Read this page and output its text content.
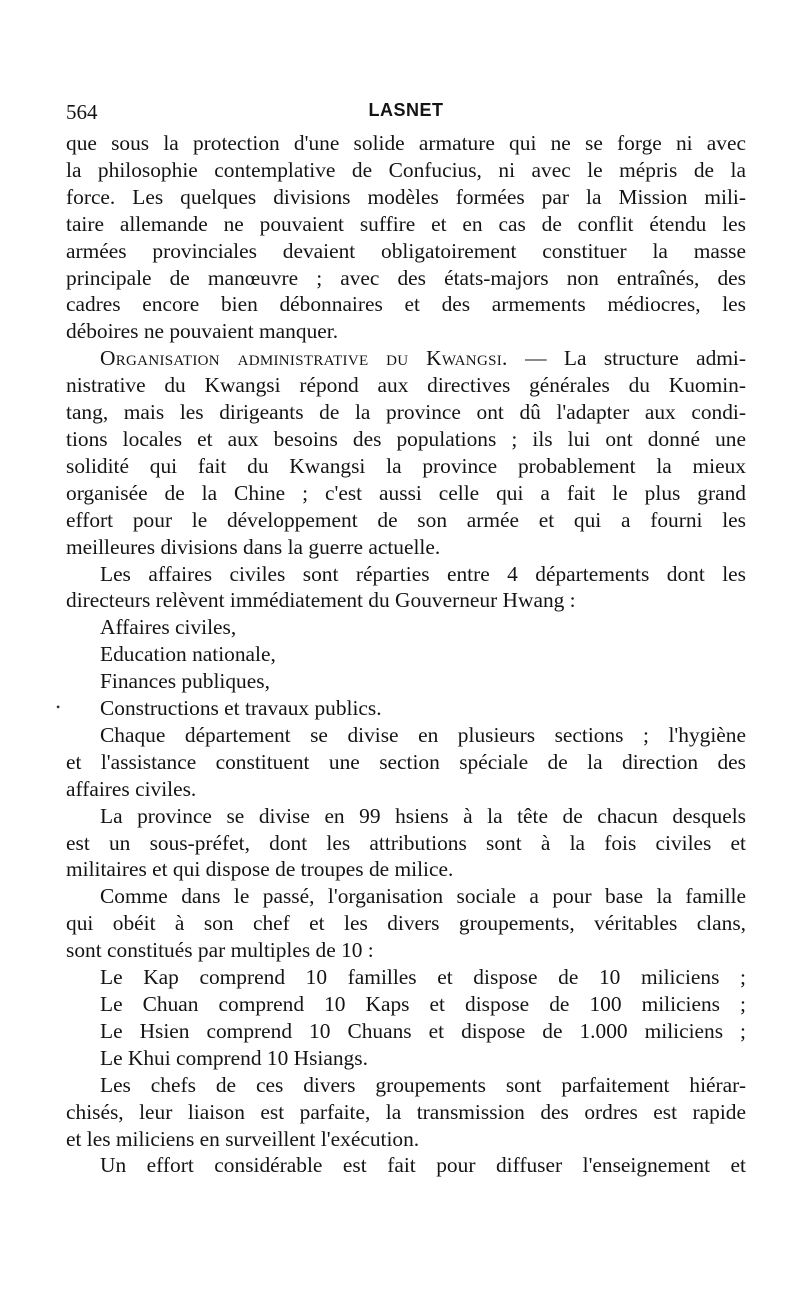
564	LASNET
que sous la protection d'une solide armature qui ne se forge ni avec
la philosophie contemplative de Confucius, ni avec le mépris de la
force. Les quelques divisions modèles formées par la Mission mili-
taire allemande ne pouvaient suffire et en cas de conflit étendu les
armées provinciales devaient obligatoirement constituer la masse
principale de manœuvre ; avec des états-majors non entraînés, des
cadres encore bien débonnaires et des armements médiocres, les
déboires ne pouvaient manquer.
Organisation administrative du Kwangsi. — La structure admi-
nistrative du Kwangsi répond aux directives générales du Kuomin-
tang, mais les dirigeants de la province ont dû l'adapter aux condi-
tions locales et aux besoins des populations ; ils lui ont donné une
solidité qui fait du Kwangsi la province probablement la mieux
organisée de la Chine ; c'est aussi celle qui a fait le plus grand
effort pour le développement de son armée et qui a fourni les
meilleures divisions dans la guerre actuelle.
Les affaires civiles sont réparties entre 4 départements dont les
directeurs relèvent immédiatement du Gouverneur Hwang :
Affaires civiles,
Education nationale,
Finances publiques,
Constructions et travaux publics.
Chaque département se divise en plusieurs sections ; l'hygiène
et l'assistance constituent une section spéciale de la direction des
affaires civiles.
La province se divise en 99 hsiens à la tête de chacun desquels
est un sous-préfet, dont les attributions sont à la fois civiles et
militaires et qui dispose de troupes de milice.
Comme dans le passé, l'organisation sociale a pour base la famille
qui obéit à son chef et les divers groupements, véritables clans,
sont constitués par multiples de 10 :
Le Kap comprend 10 familles et dispose de 10 miliciens ;
Le Chuan comprend 10 Kaps et dispose de 100 miliciens ;
Le Hsien comprend 10 Chuans et dispose de 1.000 miliciens ;
Le Khui comprend 10 Hsiangs.
Les chefs de ces divers groupements sont parfaitement hiérar-
chisés, leur liaison est parfaite, la transmission des ordres est rapide
et les miliciens en surveillent l'exécution.
Un effort considérable est fait pour diffuser l'enseignement et
•
